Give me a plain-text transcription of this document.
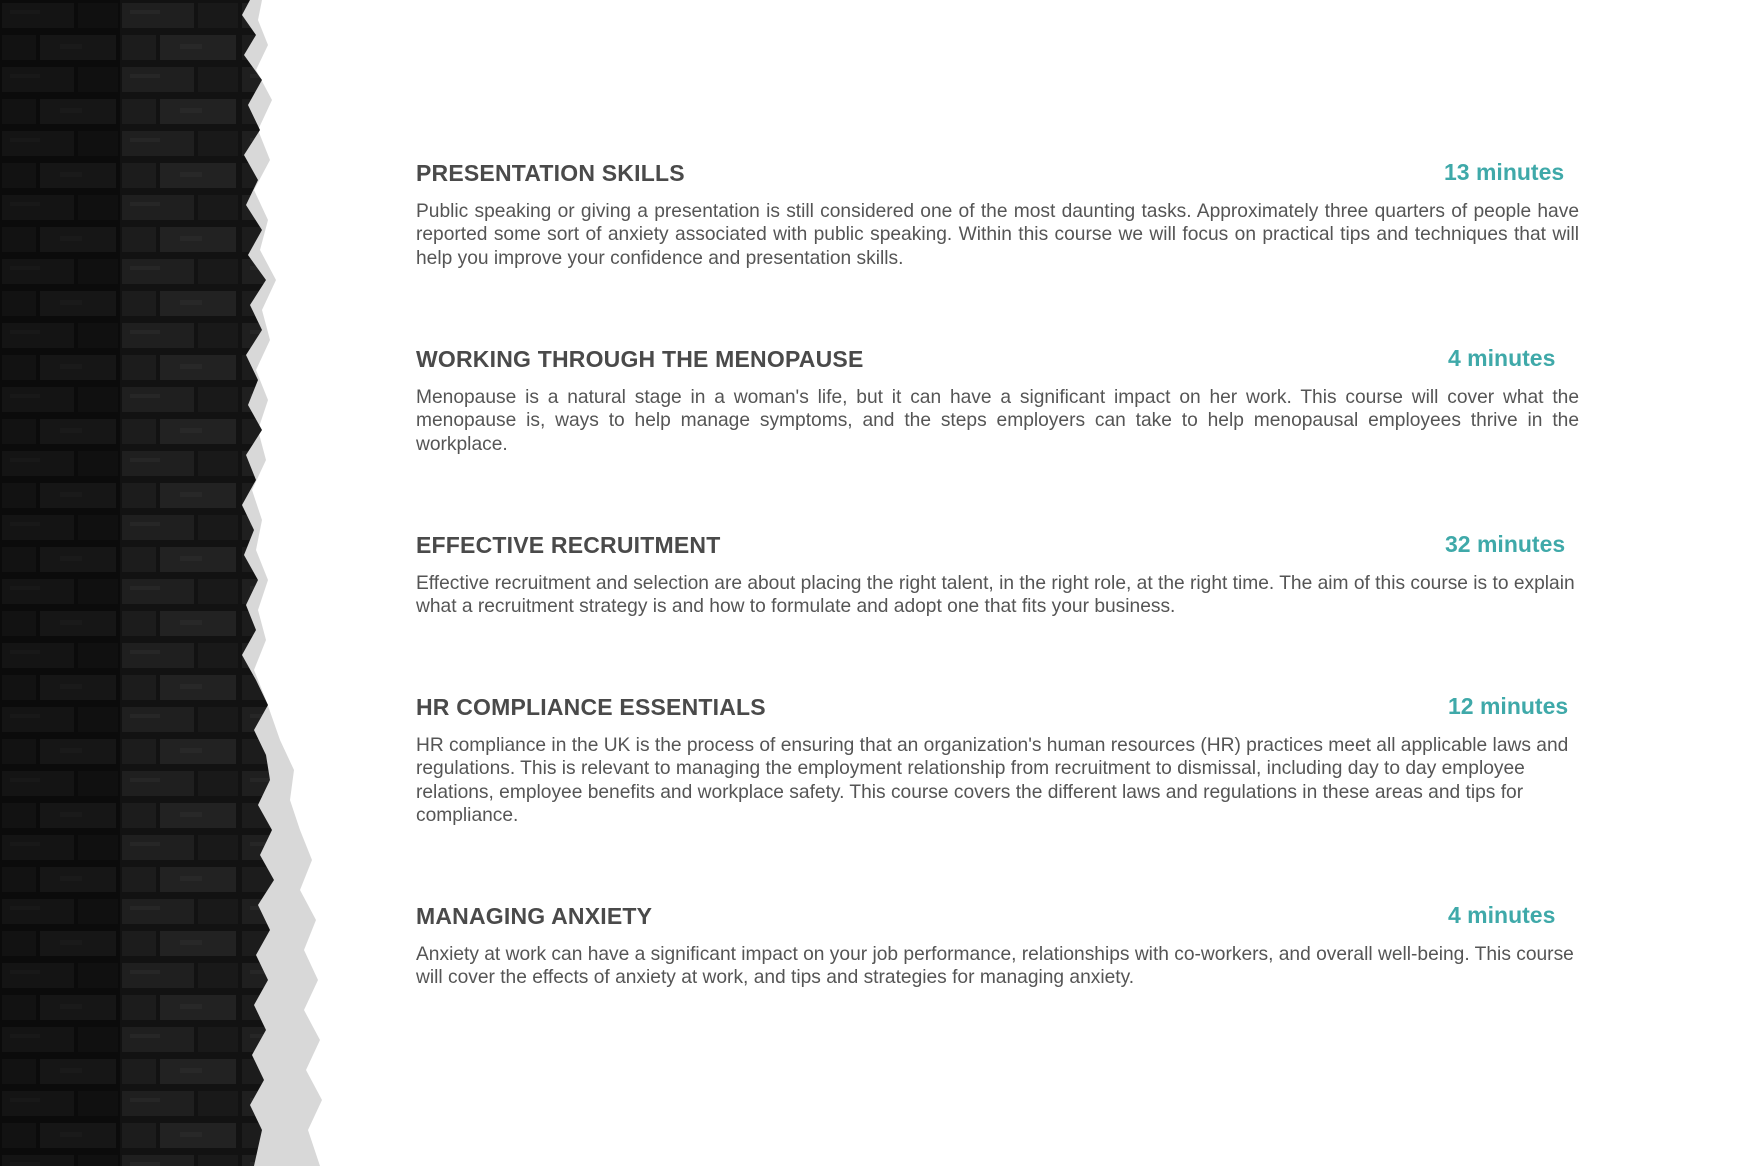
PRESENTATION SKILLS	13 minutes

Public speaking or giving a presentation is still considered one of the most daunting tasks. Approximately three quarters of people have reported some sort of anxiety associated with public speaking. Within this course we will focus on practical tips and techniques that will help you improve your confidence and presentation skills.

WORKING THROUGH THE MENOPAUSE	4 minutes

Menopause is a natural stage in a woman's life, but it can have a significant impact on her work. This course will cover what the menopause is, ways to help manage symptoms, and the steps employers can take to help menopausal employees thrive in the workplace.

EFFECTIVE RECRUITMENT	32 minutes

Effective recruitment and selection are about placing the right talent, in the right role, at the right time. The aim of this course is to explain what a recruitment strategy is and how to formulate and adopt one that fits your business.

HR COMPLIANCE ESSENTIALS	12 minutes

HR compliance in the UK is the process of ensuring that an organization's human resources (HR) practices meet all applicable laws and regulations. This is relevant to managing the employment relationship from recruitment to dismissal, including day to day employee relations, employee benefits and workplace safety. This course covers the different laws and regulations in these areas and tips for compliance.

MANAGING ANXIETY	4 minutes

Anxiety at work can have a significant impact on your job performance, relationships with co-workers, and overall well-being. This course will cover the effects of anxiety at work, and tips and strategies for managing anxiety.
